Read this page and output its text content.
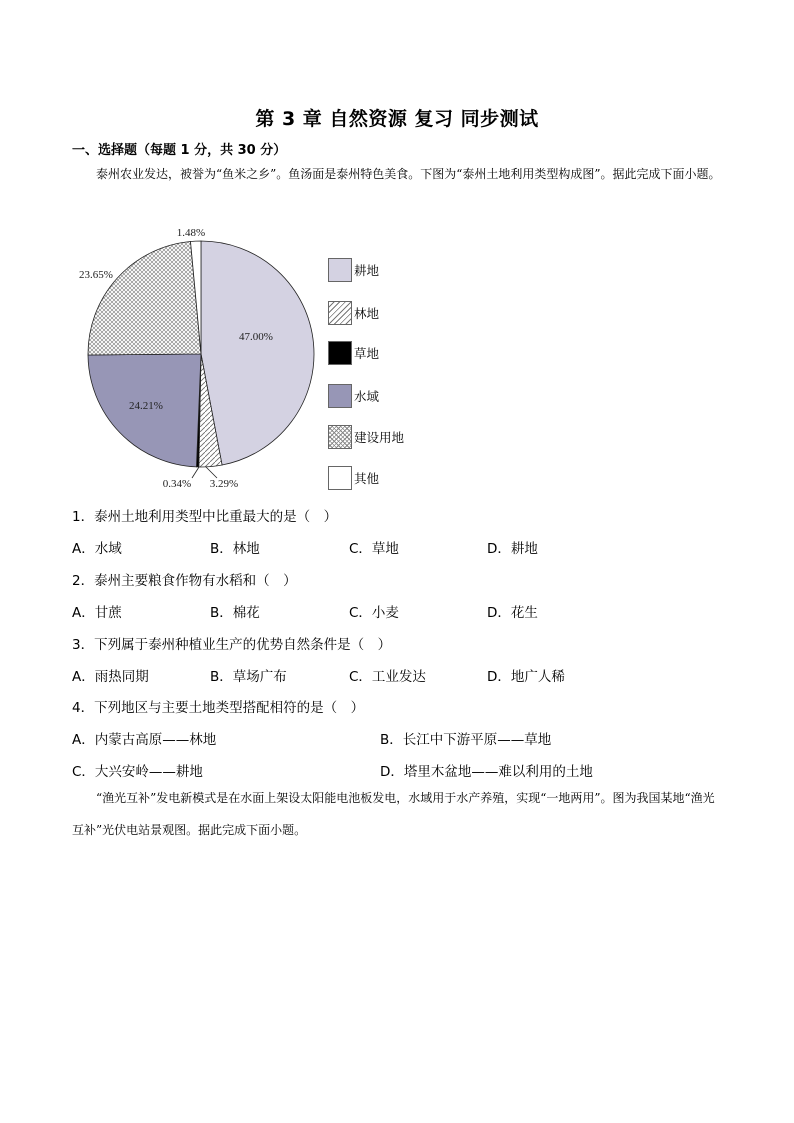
第 3 章 自然资源 复习 同步测试
一、选择题（每题 1 分，共 30 分）
泰州农业发达，被誉为“鱼米之乡”。鱼汤面是泰州特色美食。下图为“泰州土地利用类型构成图”。据此完成下面小题。
47.00%
3.29%
0.34%
24.21%
23.65%
1.48%
耕地
林地
草地
水域
建设用地
其他
1．泰州土地利用类型中比重最大的是（　）
A．水域	B．林地	C．草地	D．耕地
2．泰州主要粮食作物有水稻和（　）
A．甘蔗	B．棉花	C．小麦	D．花生
3．下列属于泰州种植业生产的优势自然条件是（　）
A．雨热同期	B．草场广布	C．工业发达	D．地广人稀
4．下列地区与主要土地类型搭配相符的是（　）
A．内蒙古高原——林地	B．长江中下游平原——草地
C．大兴安岭——耕地	D．塔里木盆地——难以利用的土地
“渔光互补”发电新模式是在水面上架设太阳能电池板发电，水域用于水产养殖，实现“一地两用”。图为我国某地“渔光互补”光伏电站景观图。据此完成下面小题。
